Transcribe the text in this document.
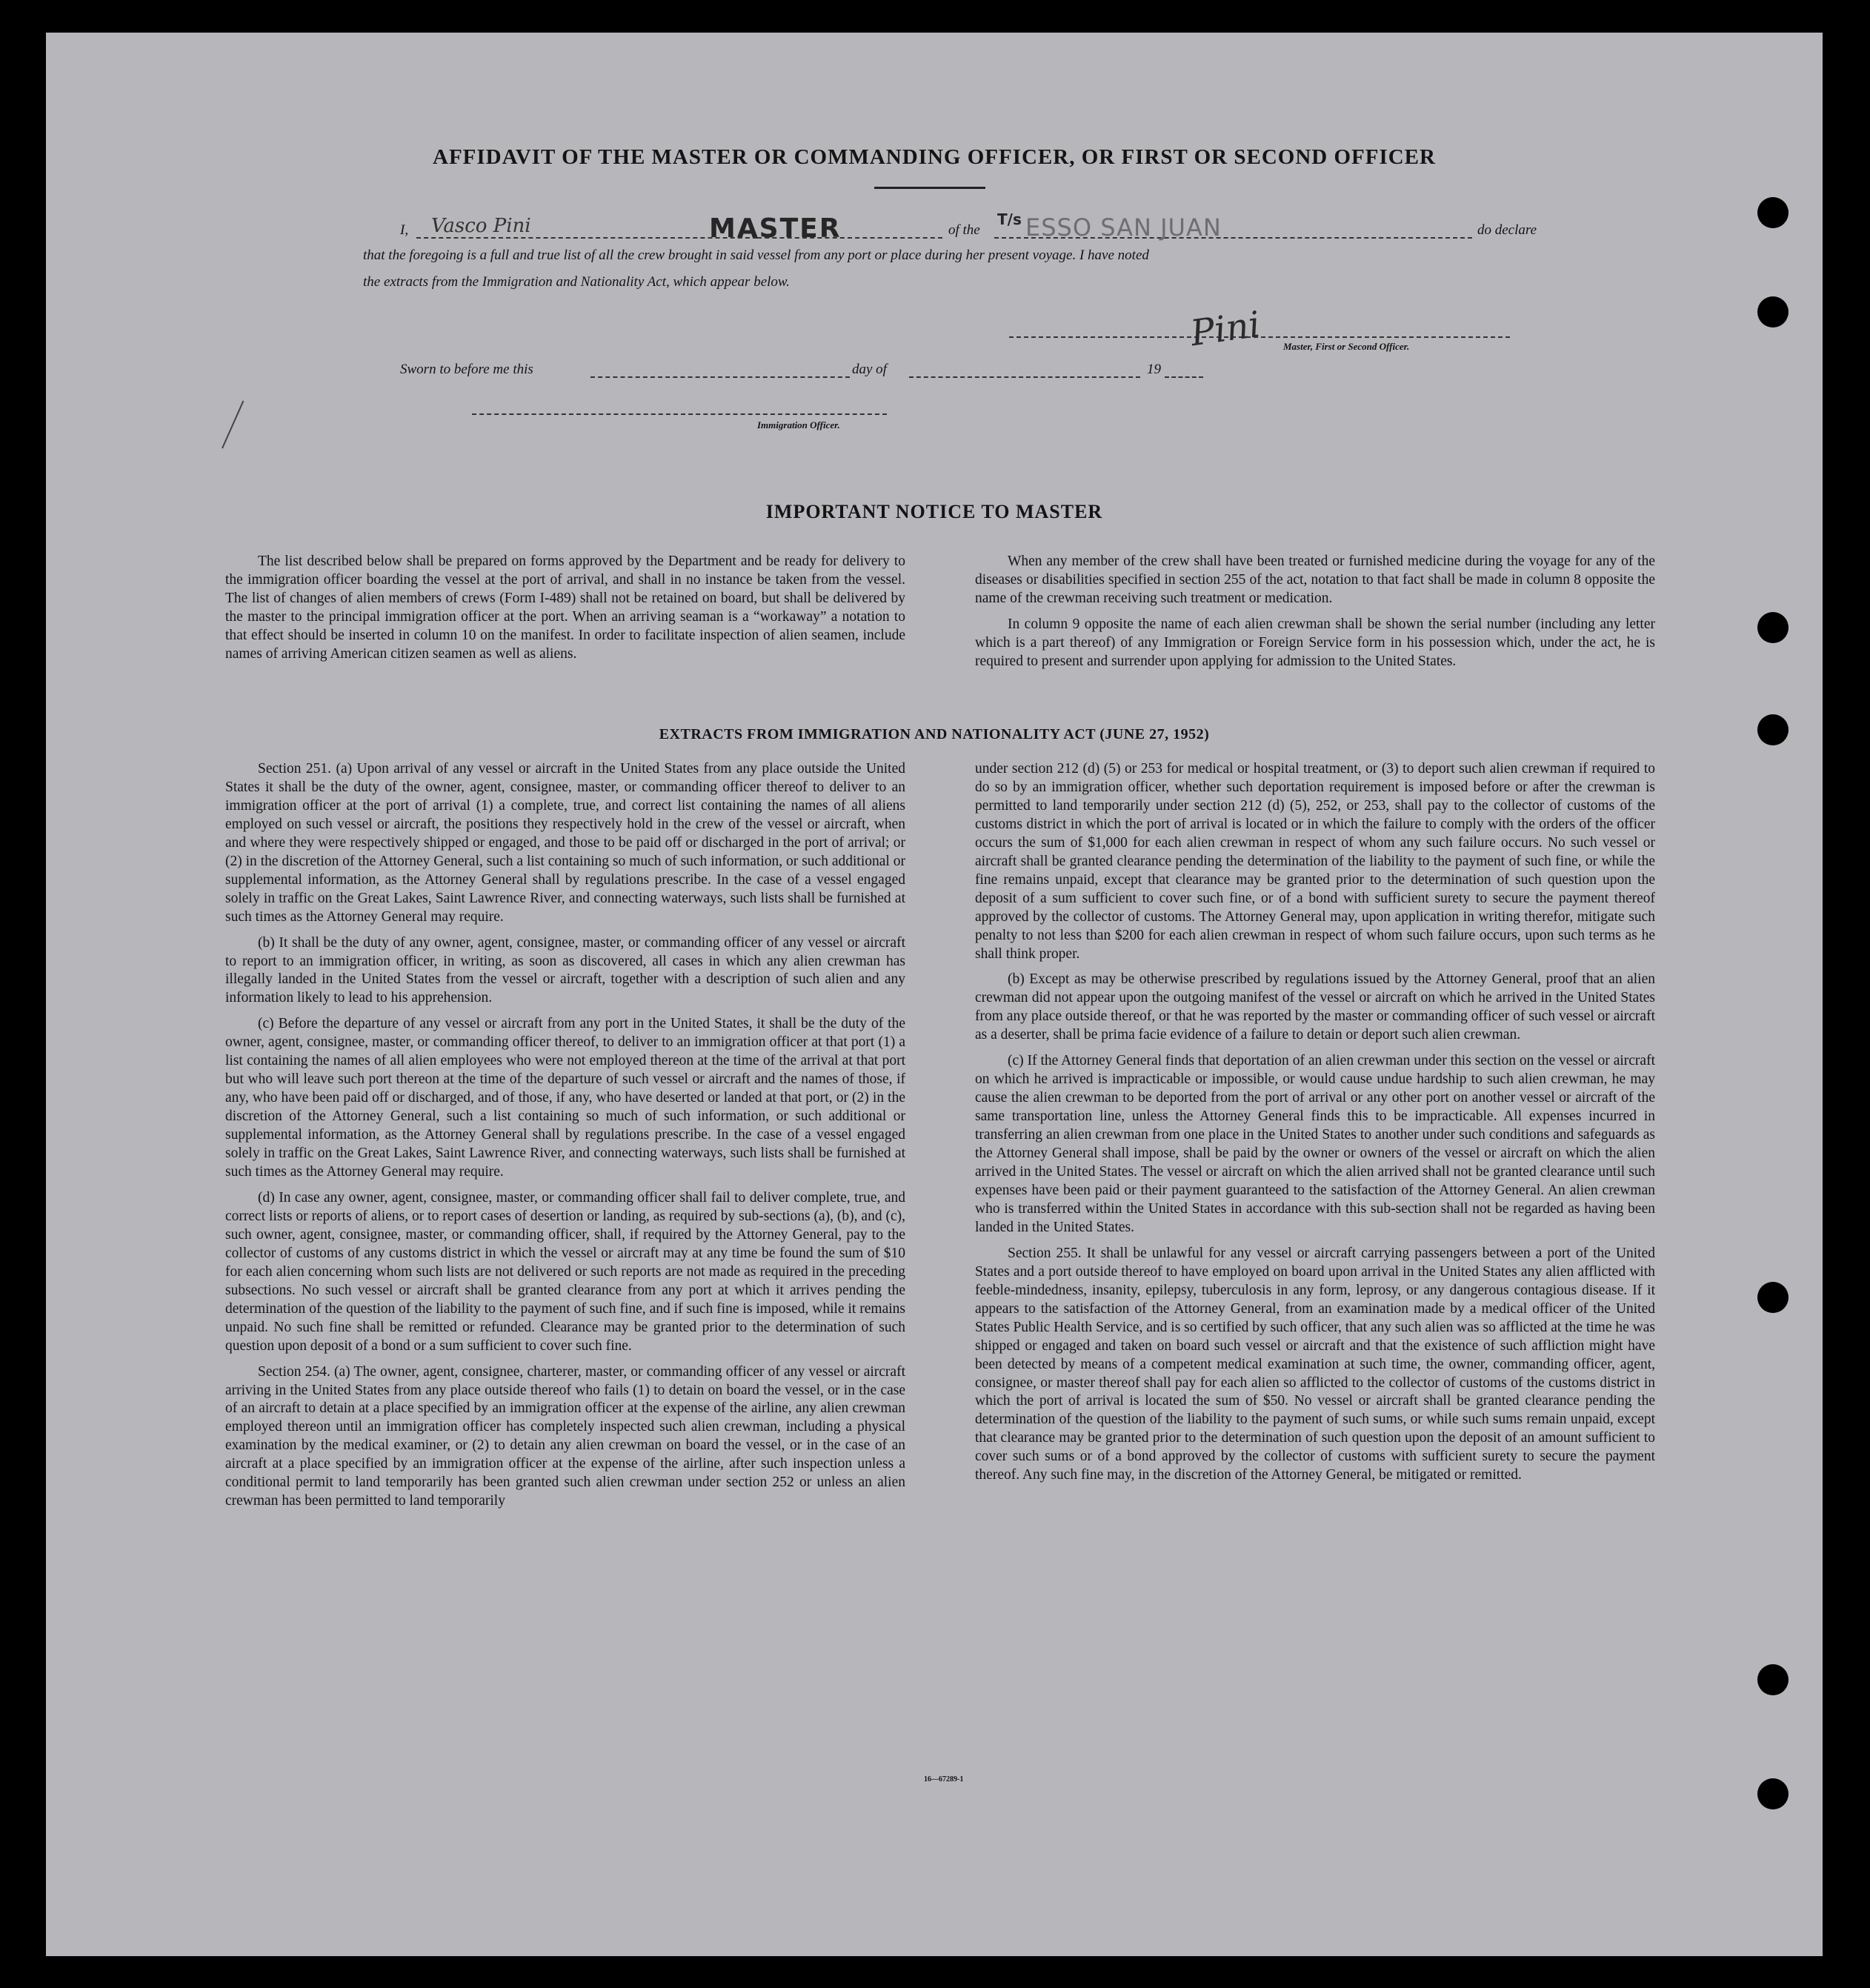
AFFIDAVIT OF THE MASTER OR COMMANDING OFFICER, OR FIRST OR SECOND OFFICER
I, Vasco Pini	MASTER	of the
T/s ESSO SAN JUAN	do declare
that the foregoing is a full and true list of all the crew brought in said vessel from any port or place during her present voyage. I have noted
the extracts from the Immigration and Nationality Act, which appear below.
Pini Master, First or Second Officer.
Sworn to before me this	day of	19
Immigration Officer.
IMPORTANT NOTICE TO MASTER

The list described below shall be prepared on forms approved by the Department and be ready for delivery to the immigration officer boarding the vessel at the port of arrival, and shall in no instance be taken from the vessel. The list of changes of alien members of crews (Form I-489) shall not be retained on board, but shall be delivered by the master to the principal immigration officer at the port. When an arriving seaman is a “workaway” a notation to that effect should be inserted in column 10 on the manifest. In order to facilitate inspection of alien seamen, include names of arriving American citizen seamen as well as aliens.

When any member of the crew shall have been treated or furnished medicine during the voyage for any of the diseases or disabilities specified in section 255 of the act, notation to that fact shall be made in column 8 opposite the name of the crewman receiving such treatment or medication.

In column 9 opposite the name of each alien crewman shall be shown the serial number (including any letter which is a part thereof) of any Immigration or Foreign Service form in his possession which, under the act, he is required to present and surrender upon applying for admission to the United States.

EXTRACTS FROM IMMIGRATION AND NATIONALITY ACT (JUNE 27, 1952)

Section 251. (a) Upon arrival of any vessel or aircraft in the United States from any place outside the United States it shall be the duty of the owner, agent, consignee, master, or commanding officer thereof to deliver to an immigration officer at the port of arrival (1) a complete, true, and correct list containing the names of all aliens employed on such vessel or aircraft, the positions they respectively hold in the crew of the vessel or aircraft, when and where they were respectively shipped or engaged, and those to be paid off or discharged in the port of arrival; or (2) in the discretion of the Attorney General, such a list containing so much of such information, or such additional or supplemental information, as the Attorney General shall by regulations prescribe. In the case of a vessel engaged solely in traffic on the Great Lakes, Saint Lawrence River, and connecting waterways, such lists shall be furnished at such times as the Attorney General may require.

(b) It shall be the duty of any owner, agent, consignee, master, or commanding officer of any vessel or aircraft to report to an immigration officer, in writing, as soon as discovered, all cases in which any alien crewman has illegally landed in the United States from the vessel or aircraft, together with a description of such alien and any information likely to lead to his apprehension.

(c) Before the departure of any vessel or aircraft from any port in the United States, it shall be the duty of the owner, agent, consignee, master, or commanding officer thereof, to deliver to an immigration officer at that port (1) a list containing the names of all alien employees who were not employed thereon at the time of the arrival at that port but who will leave such port thereon at the time of the departure of such vessel or aircraft and the names of those, if any, who have been paid off or discharged, and of those, if any, who have deserted or landed at that port, or (2) in the discretion of the Attorney General, such a list containing so much of such information, or such additional or supplemental information, as the Attorney General shall by regulations prescribe. In the case of a vessel engaged solely in traffic on the Great Lakes, Saint Lawrence River, and connecting waterways, such lists shall be furnished at such times as the Attorney General may require.

(d) In case any owner, agent, consignee, master, or commanding officer shall fail to deliver complete, true, and correct lists or reports of aliens, or to report cases of desertion or landing, as required by sub-sections (a), (b), and (c), such owner, agent, consignee, master, or commanding officer, shall, if required by the Attorney General, pay to the collector of customs of any customs district in which the vessel or aircraft may at any time be found the sum of $10 for each alien concerning whom such lists are not delivered or such reports are not made as required in the preceding subsections. No such vessel or aircraft shall be granted clearance from any port at which it arrives pending the determination of the question of the liability to the payment of such fine, and if such fine is imposed, while it remains unpaid. No such fine shall be remitted or refunded. Clearance may be granted prior to the determination of such question upon deposit of a bond or a sum sufficient to cover such fine.

Section 254. (a) The owner, agent, consignee, charterer, master, or commanding officer of any vessel or aircraft arriving in the United States from any place outside thereof who fails (1) to detain on board the vessel, or in the case of an aircraft to detain at a place specified by an immigration officer at the expense of the airline, any alien crewman employed thereon until an immigration officer has completely inspected such alien crewman, including a physical examination by the medical examiner, or (2) to detain any alien crewman on board the vessel, or in the case of an aircraft at a place specified by an immigration officer at the expense of the airline, after such inspection unless a conditional permit to land temporarily has been granted such alien crewman under section 252 or unless an alien crewman has been permitted to land temporarily

under section 212 (d) (5) or 253 for medical or hospital treatment, or (3) to deport such alien crewman if required to do so by an immigration officer, whether such deportation requirement is imposed before or after the crewman is permitted to land temporarily under section 212 (d) (5), 252, or 253, shall pay to the collector of customs of the customs district in which the port of arrival is located or in which the failure to comply with the orders of the officer occurs the sum of $1,000 for each alien crewman in respect of whom any such failure occurs. No such vessel or aircraft shall be granted clearance pending the determination of the liability to the payment of such fine, or while the fine remains unpaid, except that clearance may be granted prior to the determination of such question upon the deposit of a sum sufficient to cover such fine, or of a bond with sufficient surety to secure the payment thereof approved by the collector of customs. The Attorney General may, upon application in writing therefor, mitigate such penalty to not less than $200 for each alien crewman in respect of whom such failure occurs, upon such terms as he shall think proper.

(b) Except as may be otherwise prescribed by regulations issued by the Attorney General, proof that an alien crewman did not appear upon the outgoing manifest of the vessel or aircraft on which he arrived in the United States from any place outside thereof, or that he was reported by the master or commanding officer of such vessel or aircraft as a deserter, shall be prima facie evidence of a failure to detain or deport such alien crewman.

(c) If the Attorney General finds that deportation of an alien crewman under this section on the vessel or aircraft on which he arrived is impracticable or impossible, or would cause undue hardship to such alien crewman, he may cause the alien crewman to be deported from the port of arrival or any other port on another vessel or aircraft of the same transportation line, unless the Attorney General finds this to be impracticable. All expenses incurred in transferring an alien crewman from one place in the United States to another under such conditions and safeguards as the Attorney General shall impose, shall be paid by the owner or owners of the vessel or aircraft on which the alien arrived in the United States. The vessel or aircraft on which the alien arrived shall not be granted clearance until such expenses have been paid or their payment guaranteed to the satisfaction of the Attorney General. An alien crewman who is transferred within the United States in accordance with this sub-section shall not be regarded as having been landed in the United States.

Section 255. It shall be unlawful for any vessel or aircraft carrying passengers between a port of the United States and a port outside thereof to have employed on board upon arrival in the United States any alien afflicted with feeble-mindedness, insanity, epilepsy, tuberculosis in any form, leprosy, or any dangerous contagious disease. If it appears to the satisfaction of the Attorney General, from an examination made by a medical officer of the United States Public Health Service, and is so certified by such officer, that any such alien was so afflicted at the time he was shipped or engaged and taken on board such vessel or aircraft and that the existence of such affliction might have been detected by means of a competent medical examination at such time, the owner, commanding officer, agent, consignee, or master thereof shall pay for each alien so afflicted to the collector of customs of the customs district in which the port of arrival is located the sum of $50. No vessel or aircraft shall be granted clearance pending the determination of the question of the liability to the payment of such sums, or while such sums remain unpaid, except that clearance may be granted prior to the determination of such question upon the deposit of an amount sufficient to cover such sums or of a bond approved by the collector of customs with sufficient surety to secure the payment thereof. Any such fine may, in the discretion of the Attorney General, be mitigated or remitted.

16—67289-1
